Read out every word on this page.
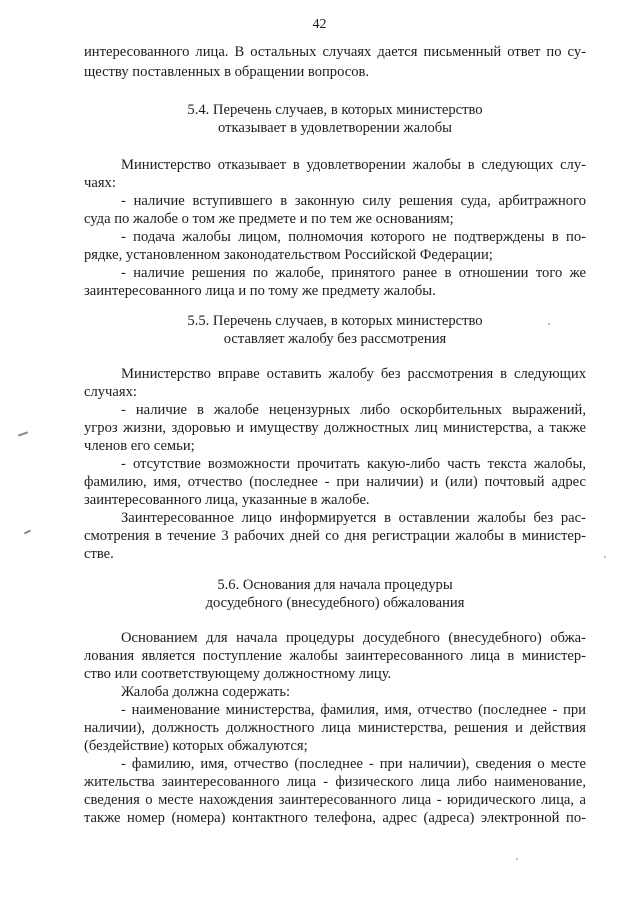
42
интересованного лица. В остальных случаях дается письменный ответ по су-
ществу поставленных в обращении вопросов.
5.4. Перечень случаев, в которых министерство
отказывает в удовлетворении жалобы
Министерство отказывает в удовлетворении жалобы в следующих слу-
чаях:
- наличие вступившего в законную силу решения суда, арбитражного
суда по жалобе о том же предмете и по тем же основаниям;
- подача жалобы лицом, полномочия которого не подтверждены в по-
рядке, установленном законодательством Российской Федерации;
- наличие решения по жалобе, принятого ранее в отношении того же
заинтересованного лица и по тому же предмету жалобы.
5.5. Перечень случаев, в которых министерство
оставляет жалобу без рассмотрения
Министерство вправе оставить жалобу без рассмотрения в следующих
случаях:
- наличие в жалобе нецензурных либо оскорбительных выражений,
угроз жизни, здоровью и имуществу должностных лиц министерства, а также
членов его семьи;
- отсутствие возможности прочитать какую-либо часть текста жалобы,
фамилию, имя, отчество (последнее - при наличии) и (или) почтовый адрес
заинтересованного лица, указанные в жалобе.
Заинтересованное лицо информируется в оставлении жалобы без рас-
смотрения в течение 3 рабочих дней со дня регистрации жалобы в министер-
стве.
5.6. Основания для начала процедуры
досудебного (внесудебного) обжалования
Основанием для начала процедуры досудебного (внесудебного) обжа-
лования является поступление жалобы заинтересованного лица в министер-
ство или соответствующему должностному лицу.
Жалоба должна содержать:
- наименование министерства, фамилия, имя, отчество (последнее - при
наличии), должность должностного лица министерства, решения и действия
(бездействие) которых обжалуются;
- фамилию, имя, отчество (последнее - при наличии), сведения о месте
жительства заинтересованного лица - физического лица либо наименование,
сведения о месте нахождения заинтересованного лица - юридического лица, а
также номер (номера) контактного телефона, адрес (адреса) электронной по-
